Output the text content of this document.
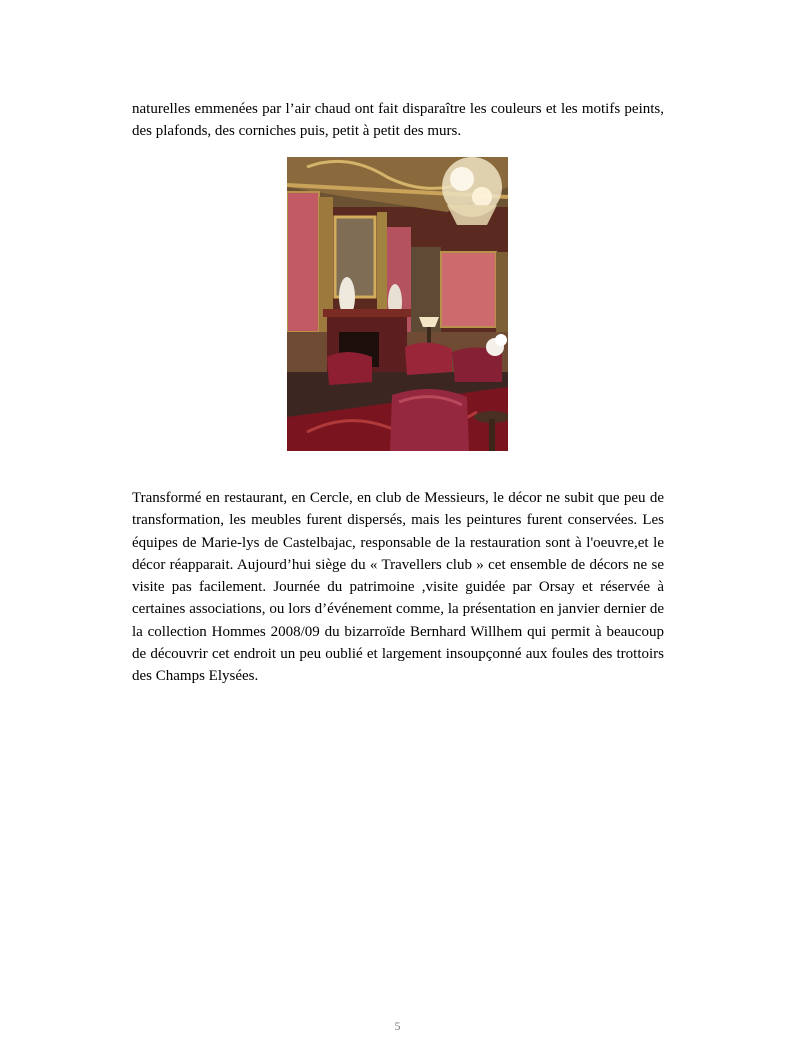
naturelles emmenées par l’air chaud ont fait disparaître les couleurs et les motifs peints, des plafonds, des corniches puis, petit à petit des murs.

Transformé en restaurant, en Cercle, en club de Messieurs, le décor ne subit que peu de transformation, les meubles furent dispersés, mais les peintures furent conservées. Les équipes de Marie-lys de Castelbajac, responsable de la restauration sont à l'oeuvre,et le décor réapparait. Aujourd’hui siège du « Travellers club » cet ensemble de décors ne se visite pas facilement. Journée du patrimoine ,visite guidée par Orsay et réservée à certaines associations, ou lors d’événement comme, la présentation en janvier dernier de la collection Hommes 2008/09 du bizarroïde Bernhard Willhem qui permit à beaucoup de découvrir cet endroit un peu oublié et largement insoupçonné aux foules des trottoirs des Champs Elysées.

5
